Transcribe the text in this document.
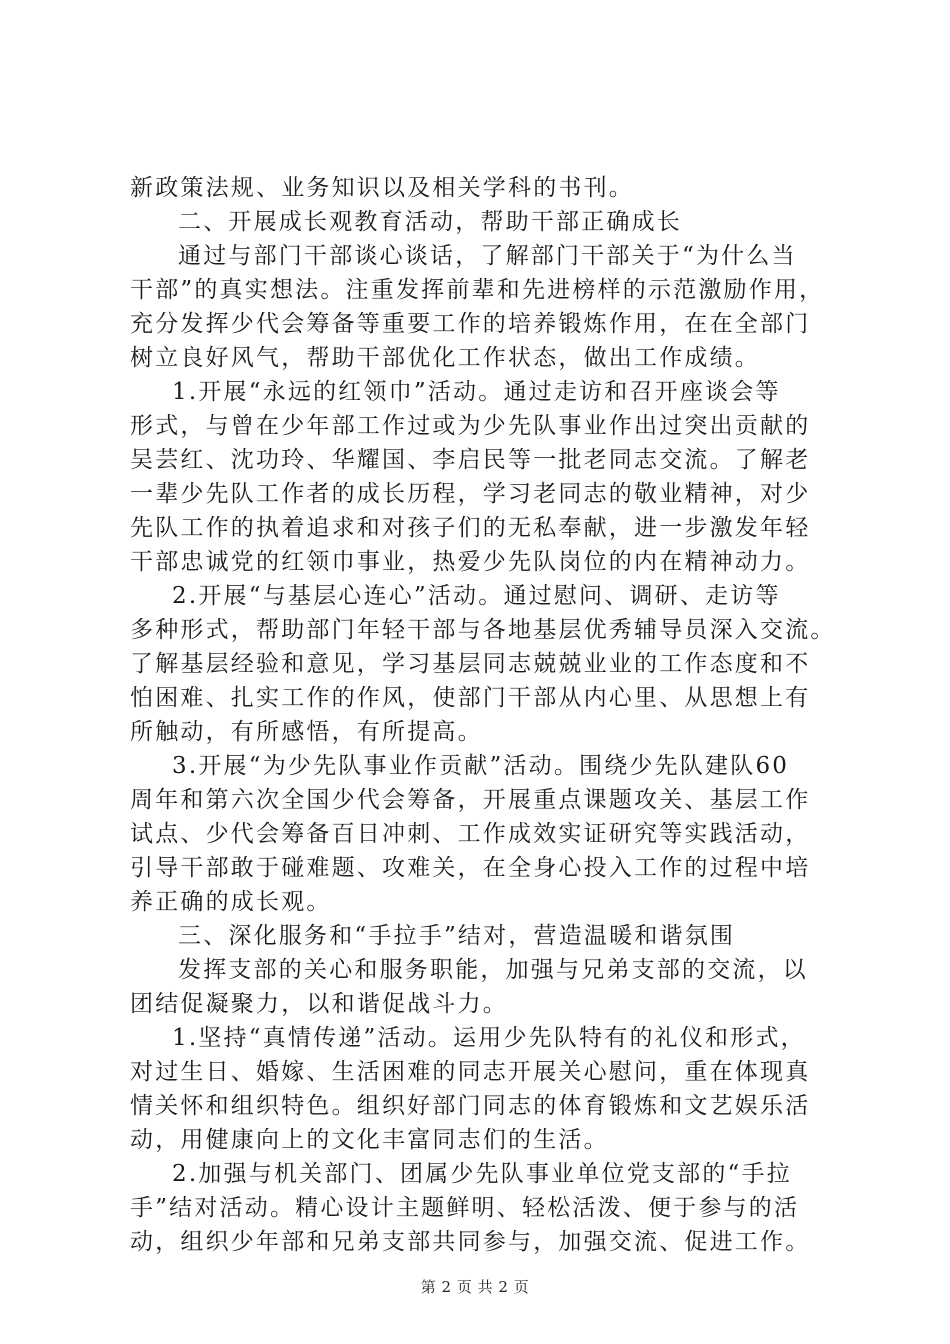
新政策法规、业务知识以及相关学科的书刊。
二、开展成长观教育活动，帮助干部正确成长
通过与部门干部谈心谈话，了解部门干部关于“为什么当
干部”的真实想法。注重发挥前辈和先进榜样的示范激励作用，
充分发挥少代会筹备等重要工作的培养锻炼作用，在在全部门
树立良好风气，帮助干部优化工作状态，做出工作成绩。
1.开展“永远的红领巾”活动。通过走访和召开座谈会等
形式，与曾在少年部工作过或为少先队事业作出过突出贡献的
吴芸红、沈功玲、华耀国、李启民等一批老同志交流。了解老
一辈少先队工作者的成长历程，学习老同志的敬业精神，对少
先队工作的执着追求和对孩子们的无私奉献，进一步激发年轻
干部忠诚党的红领巾事业，热爱少先队岗位的内在精神动力。
2.开展“与基层心连心”活动。通过慰问、调研、走访等
多种形式，帮助部门年轻干部与各地基层优秀辅导员深入交流。
了解基层经验和意见，学习基层同志兢兢业业的工作态度和不
怕困难、扎实工作的作风，使部门干部从内心里、从思想上有
所触动，有所感悟，有所提高。
3.开展“为少先队事业作贡献”活动。围绕少先队建队60
周年和第六次全国少代会筹备，开展重点课题攻关、基层工作
试点、少代会筹备百日冲刺、工作成效实证研究等实践活动，
引导干部敢于碰难题、攻难关，在全身心投入工作的过程中培
养正确的成长观。
三、深化服务和“手拉手”结对，营造温暖和谐氛围
发挥支部的关心和服务职能，加强与兄弟支部的交流，以
团结促凝聚力，以和谐促战斗力。
1.坚持“真情传递”活动。运用少先队特有的礼仪和形式，
对过生日、婚嫁、生活困难的同志开展关心慰问，重在体现真
情关怀和组织特色。组织好部门同志的体育锻炼和文艺娱乐活
动，用健康向上的文化丰富同志们的生活。
2.加强与机关部门、团属少先队事业单位党支部的“手拉
手”结对活动。精心设计主题鲜明、轻松活泼、便于参与的活
动，组织少年部和兄弟支部共同参与，加强交流、促进工作。
第 2 页 共 2 页
